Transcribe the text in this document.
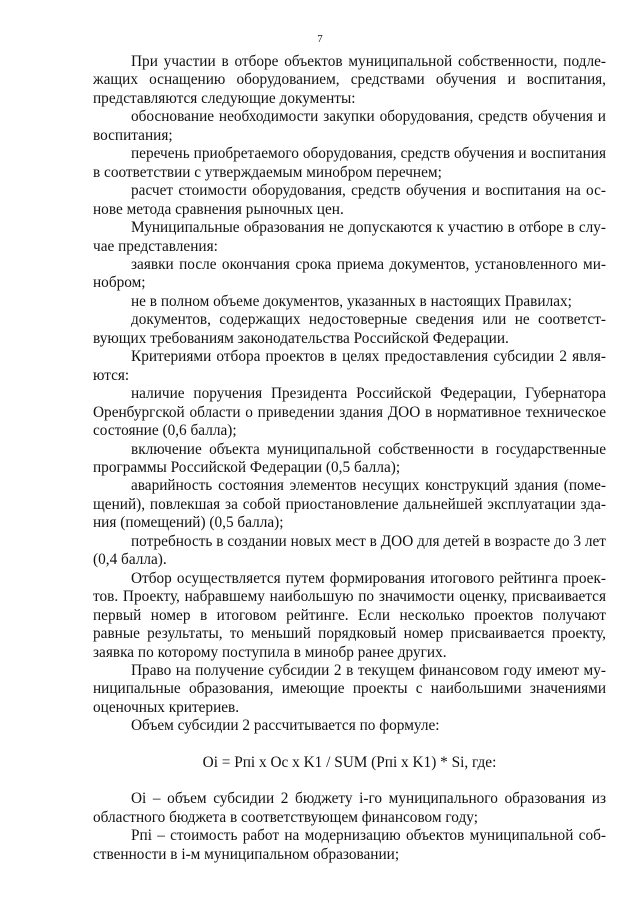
7

При участии в отборе объектов муниципальной собственности, подлежащих оснащению оборудованием, средствами обучения и воспитания, представляются следующие документы:

обоснование необходимости закупки оборудования, средств обучения и воспитания;

перечень приобретаемого оборудования, средств обучения и воспитания в соответствии с утверждаемым минобром перечнем;

расчет стоимости оборудования, средств обучения и воспитания на основе метода сравнения рыночных цен.

Муниципальные образования не допускаются к участию в отборе в случае представления:

заявки после окончания срока приема документов, установленного минобром;

не в полном объеме документов, указанных в настоящих Правилах;

документов, содержащих недостоверные сведения или не соответствующих требованиям законодательства Российской Федерации.

Критериями отбора проектов в целях предоставления субсидии 2 являются:

наличие поручения Президента Российской Федерации, Губернатора Оренбургской области о приведении здания ДОО в нормативное техническое состояние (0,6 балла);

включение объекта муниципальной собственности в государственные программы Российской Федерации (0,5 балла);

аварийность состояния элементов несущих конструкций здания (помещений), повлекшая за собой приостановление дальнейшей эксплуатации здания (помещений) (0,5 балла);

потребность в создании новых мест в ДОО для детей в возрасте до 3 лет (0,4 балла).

Отбор осуществляется путем формирования итогового рейтинга проектов. Проекту, набравшему наибольшую по значимости оценку, присваивается первый номер в итоговом рейтинге. Если несколько проектов получают равные результаты, то меньший порядковый номер присваивается проекту, заявка по которому поступила в минобр ранее других.

Право на получение субсидии 2 в текущем финансовом году имеют муниципальные образования, имеющие проекты с наибольшими значениями оценочных критериев.

Объем субсидии 2 рассчитывается по формуле:

Oi = Pпi x Oc x K1 / SUM (Pпi x K1) * Si, где:

Oi – объем субсидии 2 бюджету i-го муниципального образования из областного бюджета в соответствующем финансовом году;

Pпi – стоимость работ на модернизацию объектов муниципальной собственности в i-м муниципальном образовании;
